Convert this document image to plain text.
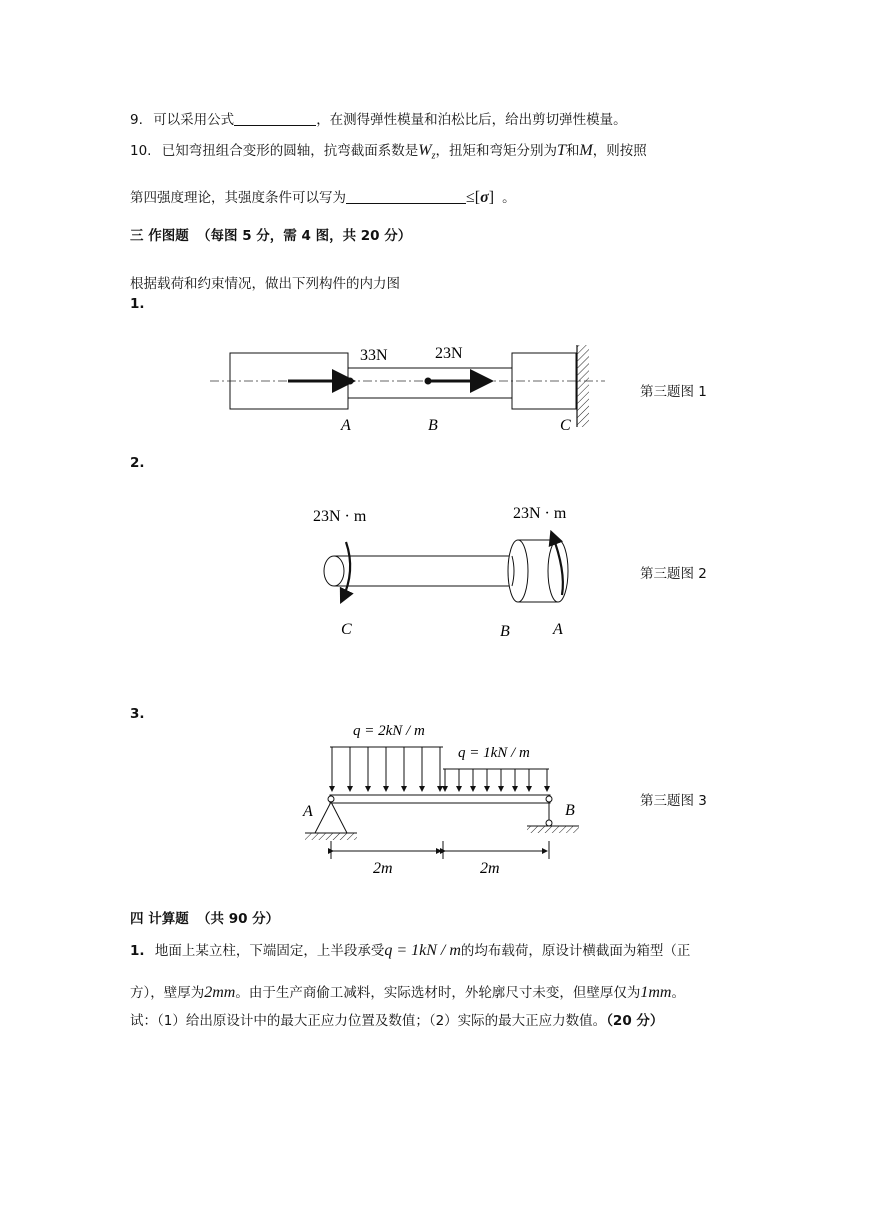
9. 可以采用公式	，在测得弹性模量和泊松比后，给出剪切弹性模量。
10. 已知弯扭组合变形的圆轴，抗弯截面系数是$W_z$，扭矩和弯矩分别为T和M，则按照
第四强度理论，其强度条件可以写为	≤[σ] 。
三 作图题 （每图 5 分，需 4 图，共 20 分）
根据载荷和约束情况，做出下列构件的内力图
1.
2.
3.
33N	23N
A	B	C
第三题图 1
23N · m	23N · m
C	B	A
第三题图 2
q = 2kN / m
q = 1kN / m
A	B
2m	2m
第三题图 3
四 计算题 （共 90 分）
1. 地面上某立柱，下端固定，上半段承受q = 1kN / m的均布载荷，原设计横截面为箱型（正
方），壁厚为2mm。由于生产商偷工减料，实际选材时，外轮廓尺寸未变，但壁厚仅为1mm。
试：（1）给出原设计中的最大正应力位置及数值；（2）实际的最大正应力数值。（20 分）
